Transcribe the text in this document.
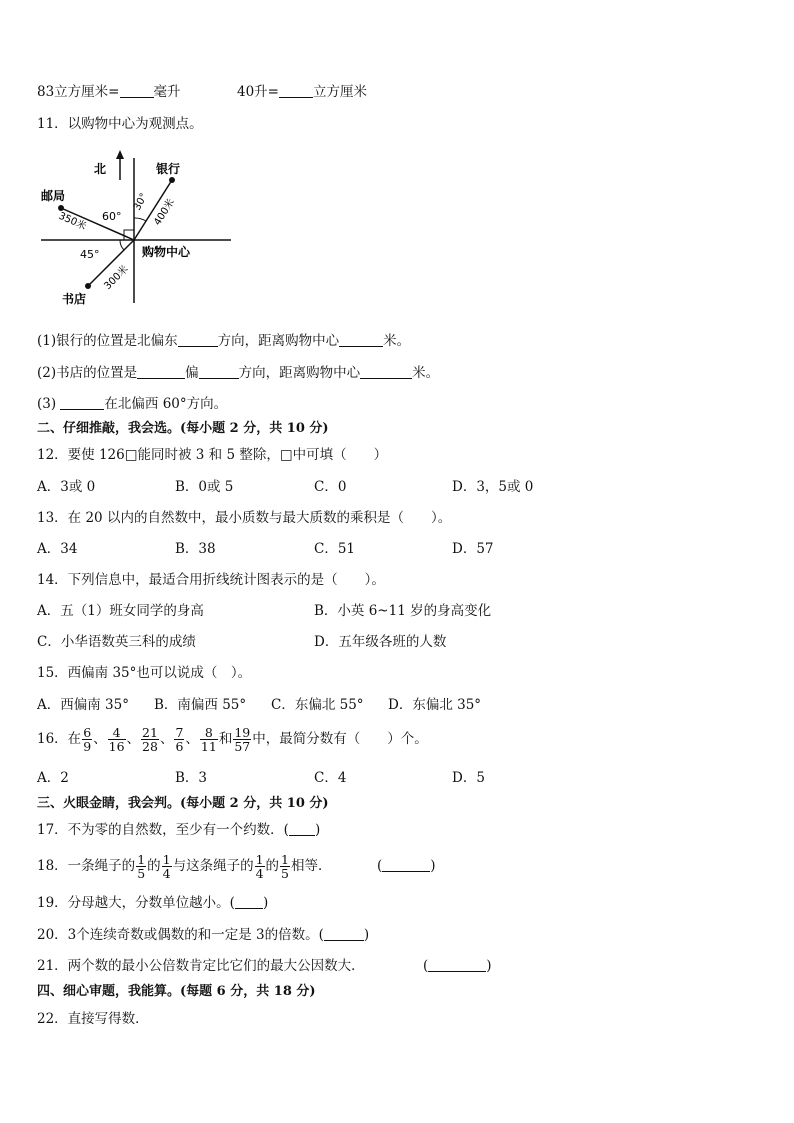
83立方厘米=	毫升	40升=	立方厘米
11．以购物中心为观测点。
北	银行
邮局
购物中心
书店
60°
30°
45°
400米
350米
300米
(1)银行的位置是北偏东	方向，距离购物中心	米。
(2)书店的位置是	偏	方向，距离购物中心	米。
(3)	在北偏西 60°方向。
二、仔细推敲，我会选。(每小题 2 分，共 10 分)
12．要使 126□能同时被 3 和 5 整除，□中可填（　　）
A．3或 0	B．0或 5	C．0	D．3，5或 0
13．在 20 以内的自然数中，最小质数与最大质数的乘积是（　　）。
A．34	B．38	C．51	D．57
14．下列信息中，最适合用折线统计图表示的是（　　）。
A．五（1）班女同学的身高	B．小英 6~11 岁的身高变化
C．小华语数英三科的成绩	D．五年级各班的人数
15．西偏南 35°也可以说成（　）。
A．西偏南 35° B．南偏西 55° C．东偏北 55° D．东偏北 35°
16．在 $\frac{6}{9}$ 、 $\frac{4}{16}$ 、 $\frac{21}{28}$ 、 $\frac{7}{6}$ 、 $\frac{8}{11}$ 和 $\frac{19}{57}$ 中，最简分数有（　　）个。
A．2	B．3	C．4	D．5
三、火眼金睛，我会判。(每小题 2 分，共 10 分)
17．不为零的自然数，至少有一个约数．( )
18．一条绳子的 $\frac{1}{5}$ 的 $\frac{1}{4}$ 与这条绳子的 $\frac{1}{4}$ 的 $\frac{1}{5}$ 相等．	(	)
19．分母越大，分数单位越小。( )
20．3个连续奇数或偶数的和一定是 3的倍数。(	)
21．两个数的最小公倍数肯定比它们的最大公因数大．	(	)
四、细心审题，我能算。(每题 6 分，共 18 分)
22．直接写得数．
